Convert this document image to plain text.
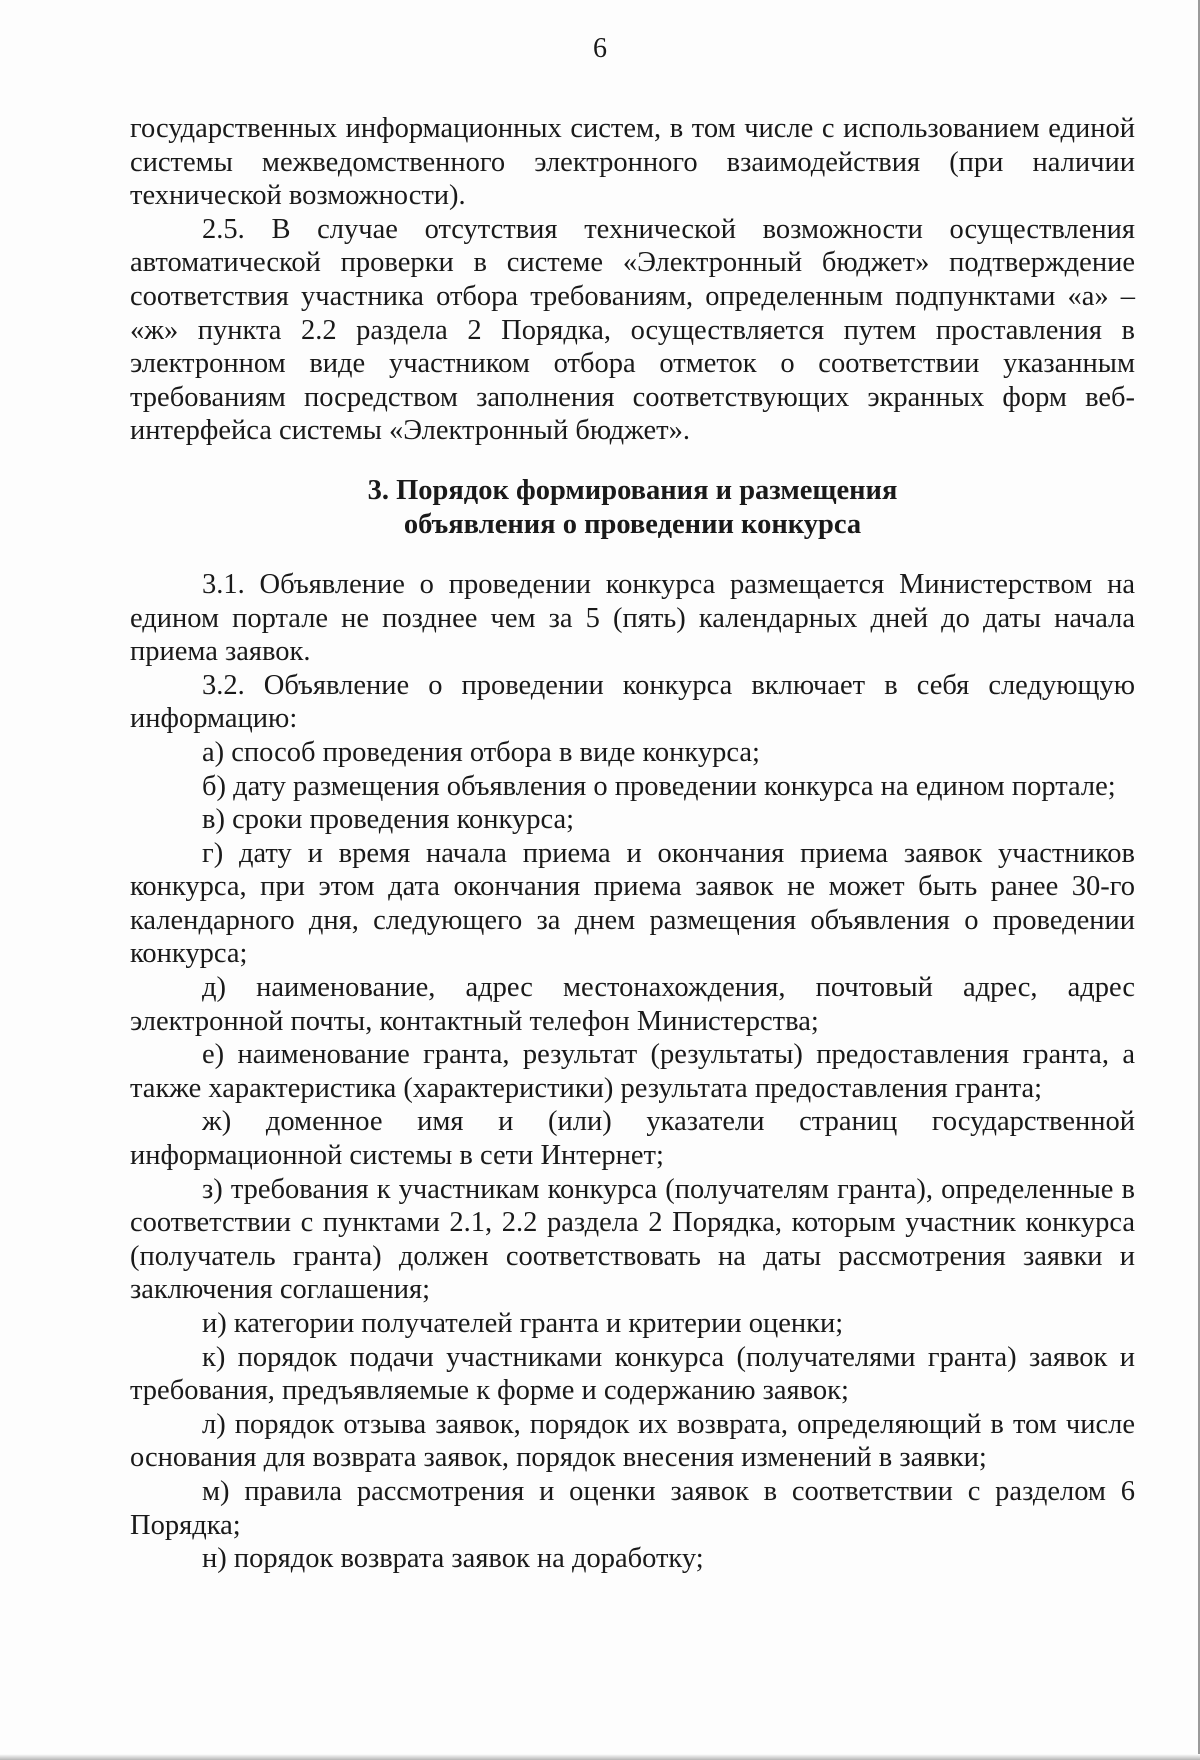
6

государственных информационных систем, в том числе с использованием единой системы межведомственного электронного взаимодействия (при наличии технической возможности).

2.5. В случае отсутствия технической возможности осуществления автоматической проверки в системе «Электронный бюджет» подтверждение соответствия участника отбора требованиям, определенным подпунктами «а» – «ж» пункта 2.2 раздела 2 Порядка, осуществляется путем проставления в электронном виде участником отбора отметок о соответствии указанным требованиям посредством заполнения соответствующих экранных форм веб-интерфейса системы «Электронный бюджет».

3. Порядок формирования и размещения
объявления о проведении конкурса

3.1. Объявление о проведении конкурса размещается Министерством на едином портале не позднее чем за 5 (пять) календарных дней до даты начала приема заявок.

3.2. Объявление о проведении конкурса включает в себя следующую информацию:

а) способ проведения отбора в виде конкурса;

б) дату размещения объявления о проведении конкурса на едином портале;

в) сроки проведения конкурса;

г) дату и время начала приема и окончания приема заявок участников конкурса, при этом дата окончания приема заявок не может быть ранее 30-го календарного дня, следующего за днем размещения объявления о проведении конкурса;

д) наименование, адрес местонахождения, почтовый адрес, адрес электронной почты, контактный телефон Министерства;

е) наименование гранта, результат (результаты) предоставления гранта, а также характеристика (характеристики) результата предоставления гранта;

ж) доменное имя и (или) указатели страниц государственной информационной системы в сети Интернет;

з) требования к участникам конкурса (получателям гранта), определенные в соответствии с пунктами 2.1, 2.2 раздела 2 Порядка, которым участник конкурса (получатель гранта) должен соответствовать на даты рассмотрения заявки и заключения соглашения;

и) категории получателей гранта и критерии оценки;

к) порядок подачи участниками конкурса (получателями гранта) заявок и требования, предъявляемые к форме и содержанию заявок;

л) порядок отзыва заявок, порядок их возврата, определяющий в том числе основания для возврата заявок, порядок внесения изменений в заявки;

м) правила рассмотрения и оценки заявок в соответствии с разделом 6 Порядка;

н) порядок возврата заявок на доработку;
